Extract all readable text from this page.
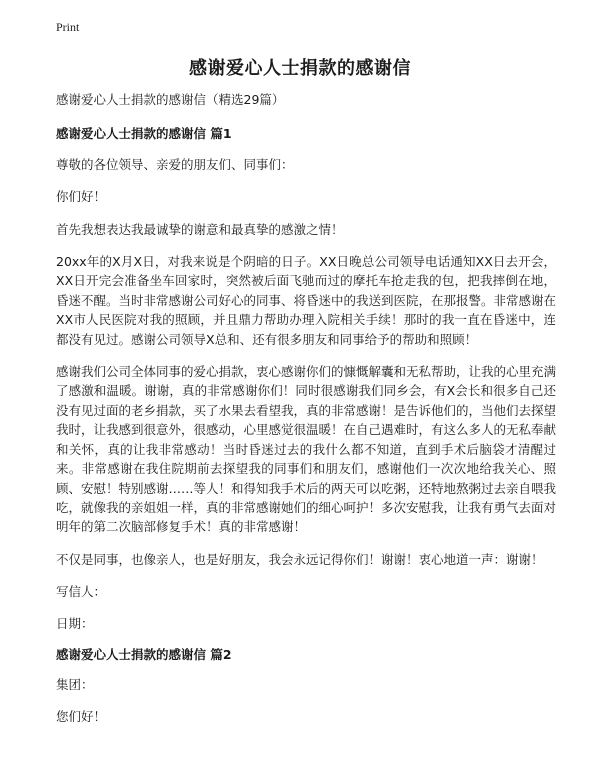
Print
感谢爱心人士捐款的感谢信

感谢爱心人士捐款的感谢信（精选29篇）

感谢爱心人士捐款的感谢信 篇1

尊敬的各位领导、亲爱的朋友们、同事们：

你们好！

首先我想表达我最诚挚的谢意和最真挚的感激之情！

20xx年的X月X日，对我来说是个阴暗的日子。XX日晚总公司领导电话通知XX日去开会，XX日开完会准备坐车回家时，突然被后面飞驰而过的摩托车抢走我的包，把我摔倒在地，昏迷不醒。当时非常感谢公司好心的同事、将昏迷中的我送到医院，在那报警。非常感谢在XX市人民医院对我的照顾，并且鼎力帮助办理入院相关手续！那时的我一直在昏迷中，连都没有见过。感谢公司领导X总和、还有很多朋友和同事给予的帮助和照顾！

感谢我们公司全体同事的爱心捐款，衷心感谢你们的慷慨解囊和无私帮助，让我的心里充满了感激和温暖。谢谢，真的非常感谢你们！同时很感谢我们同乡会，有X会长和很多自己还没有见过面的老乡捐款，买了水果去看望我，真的非常感谢！是告诉他们的，当他们去探望我时，让我感到很意外，很感动，心里感觉很温暖！在自己遇难时，有这么多人的无私奉献和关怀，真的让我非常感动！当时昏迷过去的我什么都不知道，直到手术后脑袋才清醒过来。非常感谢在我住院期前去探望我的同事们和朋友们，感谢他们一次次地给我关心、照顾、安慰！特别感谢……等人！和得知我手术后的两天可以吃粥，还特地熬粥过去亲自喂我吃，就像我的亲姐姐一样，真的非常感谢她们的细心呵护！多次安慰我，让我有勇气去面对明年的第二次脑部修复手术！真的非常感谢！

不仅是同事，也像亲人，也是好朋友，我会永远记得你们！谢谢！衷心地道一声：谢谢！

写信人：

日期：

感谢爱心人士捐款的感谢信 篇2

集团：

您们好！
